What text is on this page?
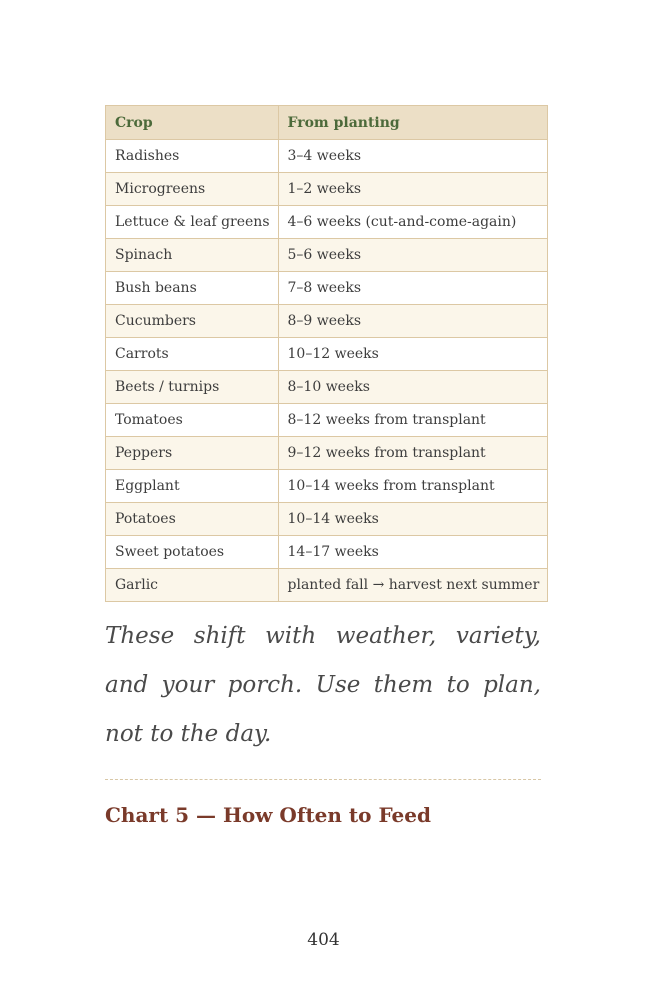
Crop	From planting
Radishes	3–4 weeks
Microgreens	1–2 weeks
Lettuce & leaf greens	4–6 weeks (cut-and-come-again)
Spinach	5–6 weeks
Bush beans	7–8 weeks
Cucumbers	8–9 weeks
Carrots	10–12 weeks
Beets / turnips	8–10 weeks
Tomatoes	8–12 weeks from transplant
Peppers	9–12 weeks from transplant
Eggplant	10–14 weeks from transplant
Potatoes	10–14 weeks
Sweet potatoes	14–17 weeks
Garlic	planted fall → harvest next summer

These shift with weather, variety, and your porch. Use them to plan, not to the day.

Chart 5 — How Often to Feed
404
